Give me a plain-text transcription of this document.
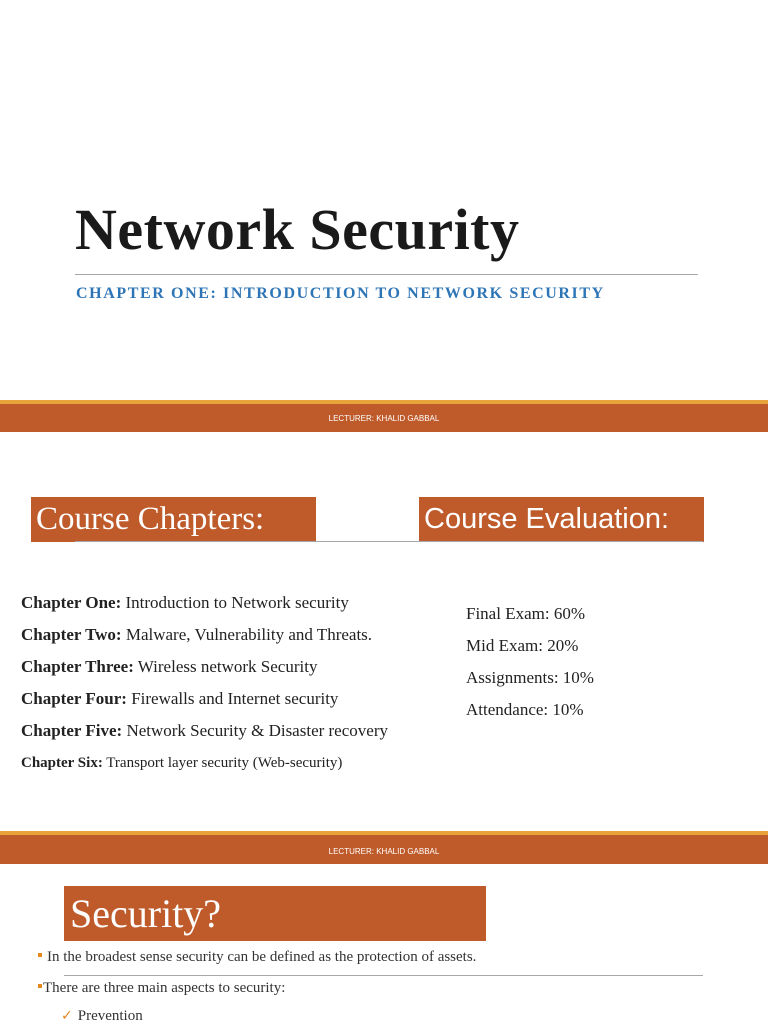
Network Security
CHAPTER ONE: INTRODUCTION TO NETWORK SECURITY
LECTURER: KHALID GABBAL
Course Chapters:	Course Evaluation:
Chapter One: Introduction to Network security
Chapter Two: Malware, Vulnerability and Threats.
Chapter Three: Wireless network Security
Chapter Four: Firewalls and Internet security
Chapter Five: Network Security & Disaster recovery
Chapter Six: Transport layer security (Web-security)
Final Exam: 60%
Mid Exam: 20%
Assignments: 10%
Attendance: 10%
LECTURER: KHALID GABBAL
Security?
In the broadest sense security can be defined as the protection of assets.
There are three main aspects to security:
✓ Prevention
